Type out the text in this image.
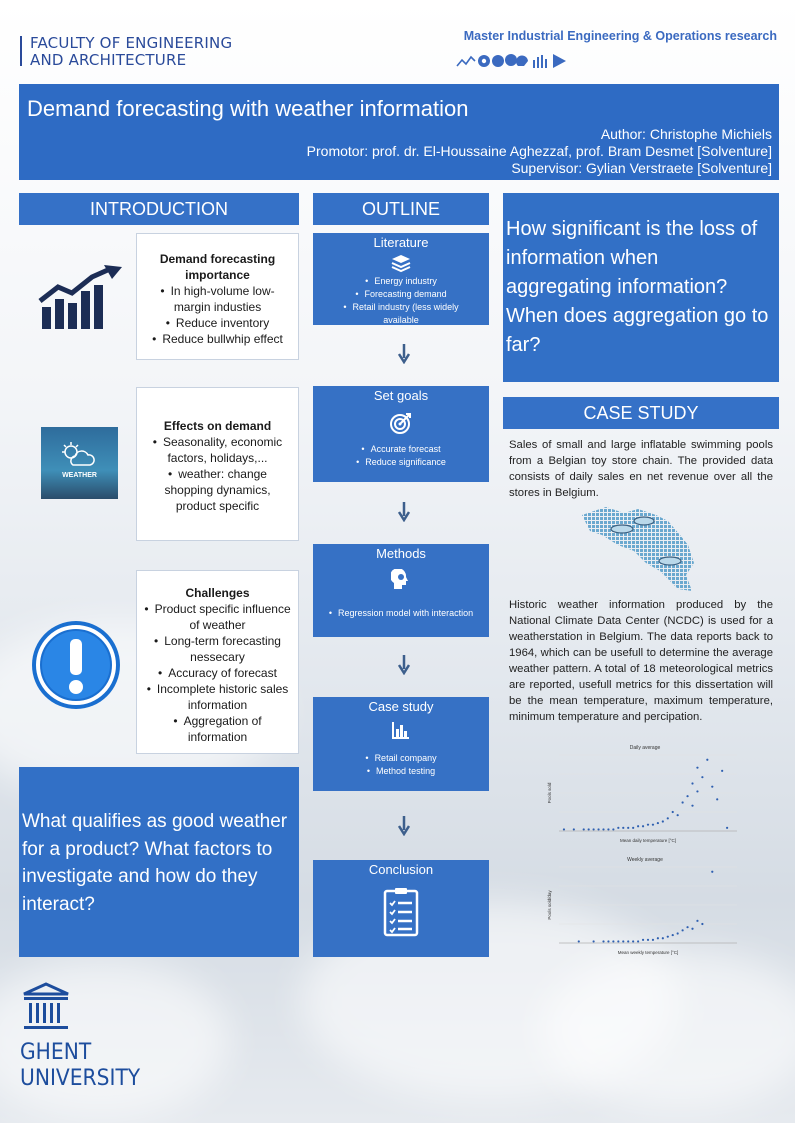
FACULTY OF ENGINEERING
AND ARCHITECTURE
Master Industrial Engineering & Operations research
Demand forecasting with weather information
Author: Christophe Michiels
Promotor: prof. dr. El-Houssaine Aghezzaf, prof. Bram Desmet [Solventure]
Supervisor: Gylian Verstraete [Solventure]
INTRODUCTION
Demand forecasting
importance
• In high-volume low-
margin industies
• Reduce inventory
• Reduce bullwhip effect
WEATHER
Effects on demand
• Seasonality, economic
factors, holidays,...
• weather: change
shopping dynamics,
product specific
Challenges
• Product specific influence
of weather
• Long-term forecasting
nessecary
• Accuracy of forecast
• Incomplete historic sales
information
• Aggregation of
information
What qualifies as good weather for a product? What factors to investigate and how do they interact?
OUTLINE
Literature
• Energy industry
• Forecasting demand
• Retail industry (less widely
available
Set goals
• Accurate forecast
• Reduce significance
Methods
• Regression model with interaction
Case study
• Retail company
• Method testing
Conclusion
How significant is the loss of information when aggregating information? When does aggregation go to far?
CASE STUDY
Sales of small and large inflatable swimming pools from a Belgian toy store chain. The provided data consists of daily sales en net revenue over all the stores in Belgium.
Historic weather information produced by the National Climate Data Center (NCDC) is used for a weatherstation in Belgium. The data reports back to 1964, which can be usefull to determine the average weather pattern. A total of 18 meteorological metrics are reported, usefull metrics for this dissertation will be the mean temperature, maximum temperature, minimum temperature and percipation.
Daily average
Mean daily temperature [°C]
Pools sold
Weekly average
Mean weekly temperature [°C]
Pools sold/day
GHENT
UNIVERSITY
